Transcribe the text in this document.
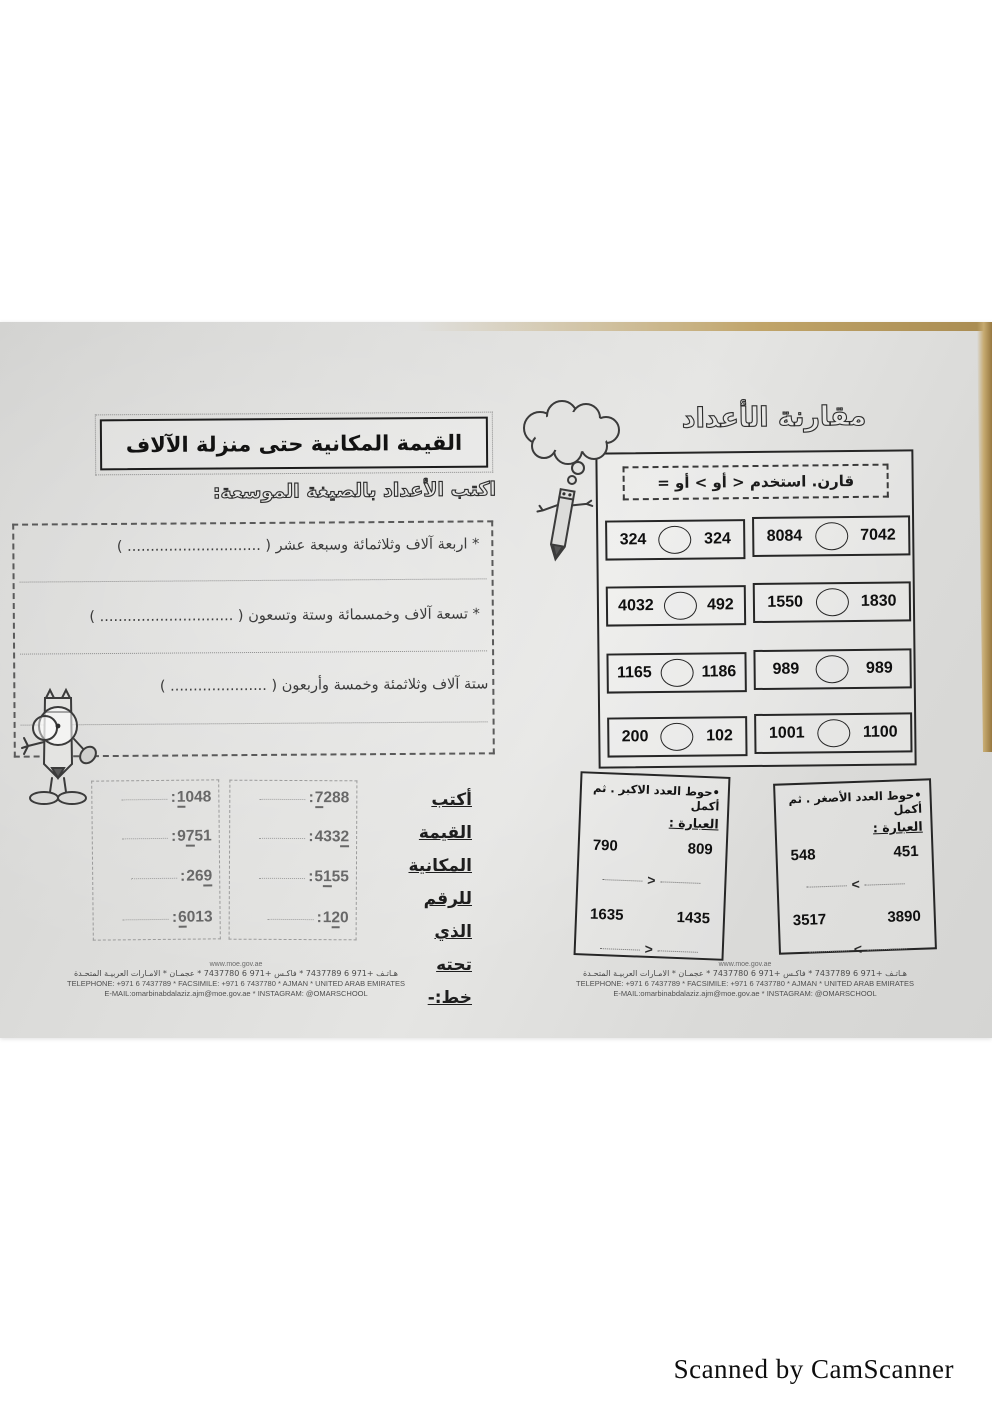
القيمة المكانية حتى منزلة الآلاف
اكتب الأعداد بالصيغة الموسعة:
* اربعة آلاف وثلاثمائة وسبعة عشر ( ............................. )
* تسعة آلاف وخمسمائة وستة وتسعون ( ............................. )
ستة آلاف وثلاثمئة وخمسة وأربعون ( ..................... )
: 1048
: 9751
: 269
: 6013
: 7288
: 4332
: 5155
: 120
أكتب
القيمة
المكانية
للرقم الذي
تحته خط:-
www.moe.gov.ae
هـاتـف +971 6 7437789 * فاكـس +971 6 7437780 * عجمـان * الامـارات العربيـة المتحـدة
TELEPHONE: +971 6 7437789 * FACSIMILE: +971 6 7437780 * AJMAN * UNITED ARAB EMIRATES
E-MAIL:omarbinabdalaziz.ajm@moe.gov.ae * INSTAGRAM: @OMARSCHOOL
مقارنة الأعداد
قارن. استخدم < أو > أو =
324	324 8084	7042
4032	492 1550	1830
1165	1186 989	989
200	102 1001	1100
•حوط العدد الاكبر . ثم أكمل
العبارة :
790	809
>
1635	1435
>
•حوط العدد الأصغر . ثم أكمل
العبارة :
548	451
<
3517	3890
<
www.moe.gov.ae
هـاتـف +971 6 7437789 * فاكـس +971 6 7437780 * عجمـان * الامـارات العربيـة المتحـدة
TELEPHONE: +971 6 7437789 * FACSIMILE: +971 6 7437780 * AJMAN * UNITED ARAB EMIRATES
E-MAIL:omarbinabdalaziz.ajm@moe.gov.ae * INSTAGRAM: @OMARSCHOOL
Scanned by CamScanner
